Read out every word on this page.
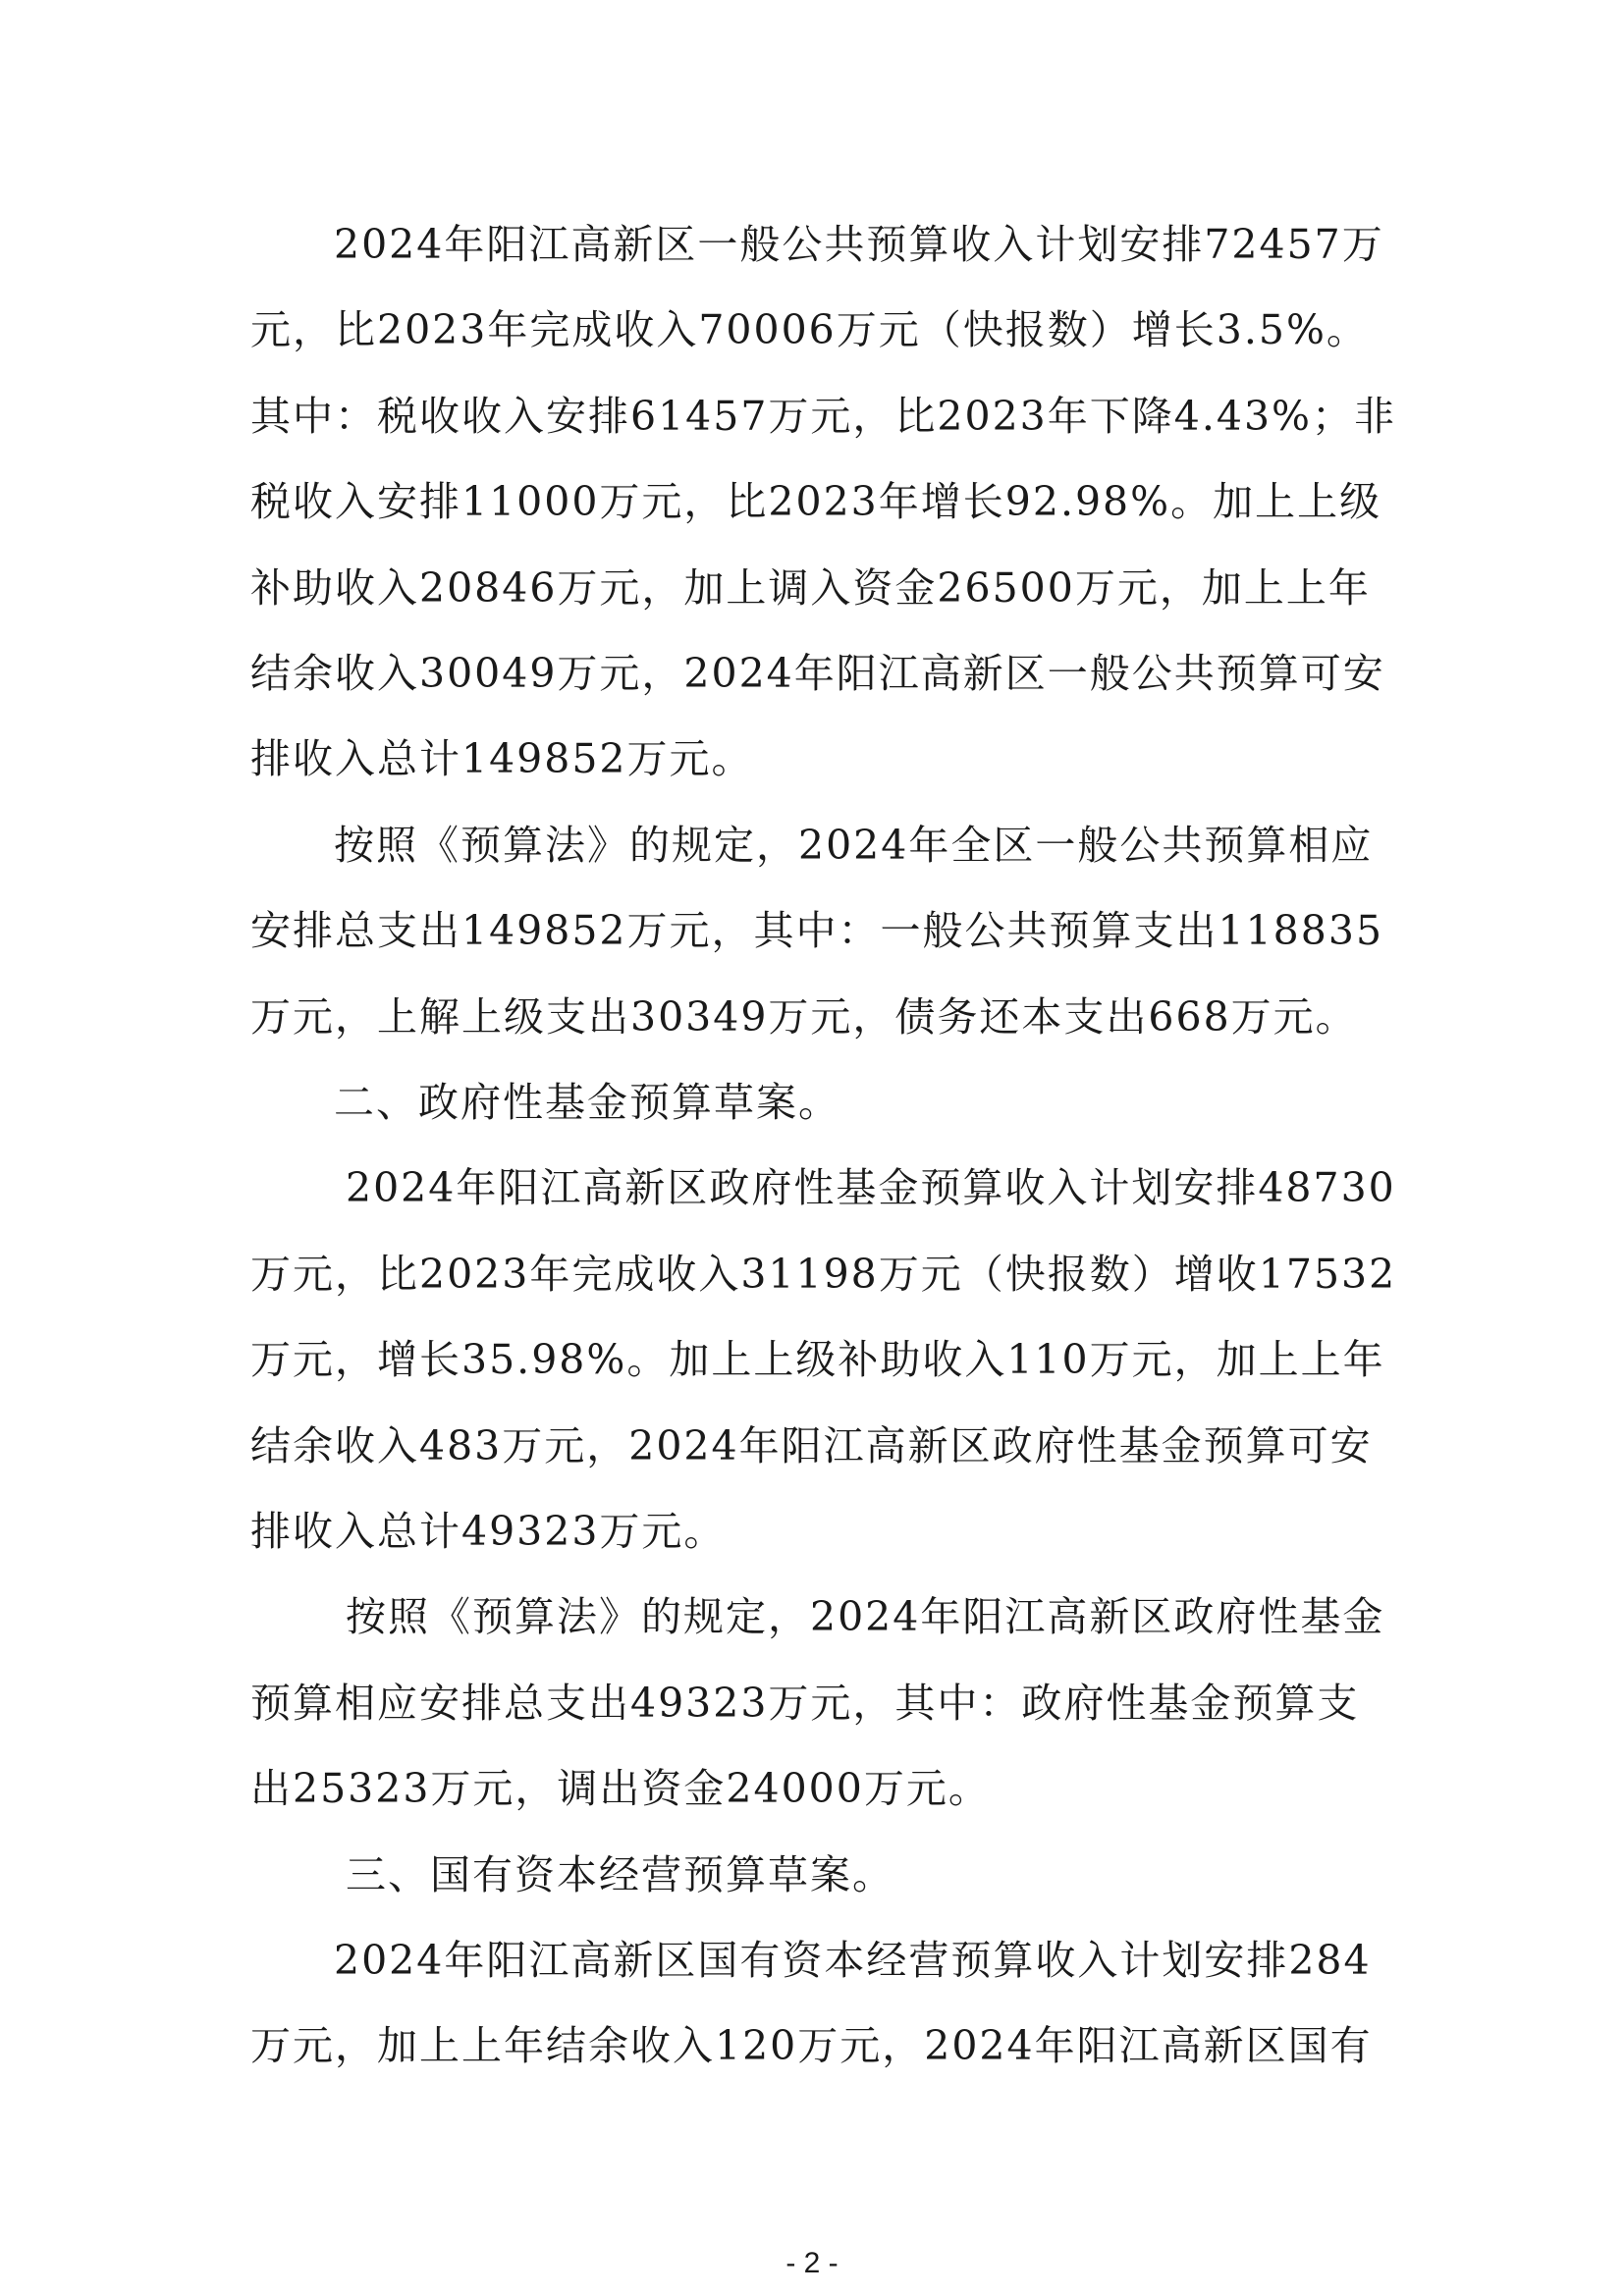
2024年阳江高新区一般公共预算收入计划安排72457万
元，比2023年完成收入70006万元（快报数）增长3.5%。
其中：税收收入安排61457万元，比2023年下降4.43%；非
税收入安排11000万元，比2023年增长92.98%。加上上级
补助收入20846万元，加上调入资金26500万元，加上上年
结余收入30049万元，2024年阳江高新区一般公共预算可安
排收入总计149852万元。
按照《预算法》的规定，2024年全区一般公共预算相应
安排总支出149852万元，其中：一般公共预算支出118835
万元，上解上级支出30349万元，债务还本支出668万元。
二、政府性基金预算草案。
2024年阳江高新区政府性基金预算收入计划安排48730
万元，比2023年完成收入31198万元（快报数）增收17532
万元，增长35.98%。加上上级补助收入110万元，加上上年
结余收入483万元，2024年阳江高新区政府性基金预算可安
排收入总计49323万元。
按照《预算法》的规定，2024年阳江高新区政府性基金
预算相应安排总支出49323万元，其中：政府性基金预算支
出25323万元，调出资金24000万元。
三、国有资本经营预算草案。
2024年阳江高新区国有资本经营预算收入计划安排284
万元，加上上年结余收入120万元，2024年阳江高新区国有
- 2 -
